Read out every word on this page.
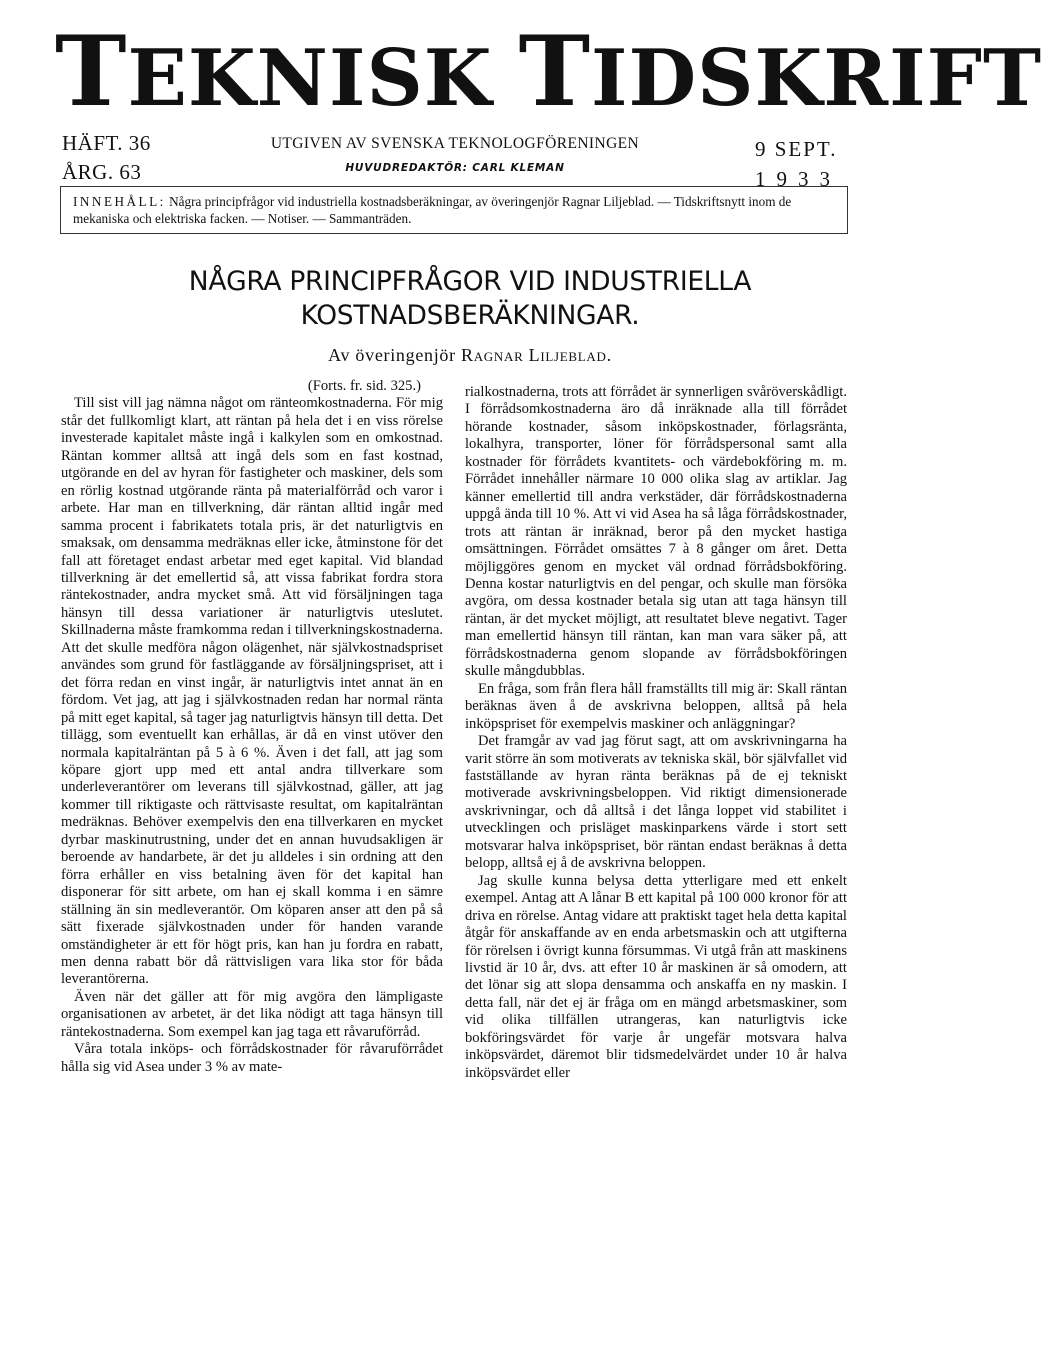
TEKNISK TIDSKRIFT
HÄFT. 36
ÅRG. 63
UTGIVEN AV SVENSKA TEKNOLOGFÖRENINGEN
HUVUDREDAKTÖR: CARL KLEMAN
9 SEPT.
1933
INNEHÅLL: Några principfrågor vid industriella kostnadsberäkningar, av överingenjör Ragnar Liljeblad. — Tidskriftsnytt inom de mekaniska och elektriska facken. — Notiser. — Sammanträden.
NÅGRA PRINCIPFRÅGOR VID INDUSTRIELLA KOSTNADSBERÄKNINGAR.
Av överingenjör Ragnar Liljeblad.

(Forts. fr. sid. 325.)

Till sist vill jag nämna något om ränteomkostnaderna. För mig står det fullkomligt klart, att räntan på hela det i en viss rörelse investerade kapitalet måste ingå i kalkylen som en omkostnad. Räntan kommer alltså att ingå dels som en fast kostnad, utgörande en del av hyran för fastigheter och maskiner, dels som en rörlig kostnad utgörande ränta på materialförråd och varor i arbete. Har man en tillverkning, där räntan alltid ingår med samma procent i fabrikatets totala pris, är det naturligtvis en smaksak, om densamma medräknas eller icke, åtminstone för det fall att företaget endast arbetar med eget kapital. Vid blandad tillverkning är det emellertid så, att vissa fabrikat fordra stora räntekostnader, andra mycket små. Att vid försäljningen taga hänsyn till dessa variationer är naturligtvis uteslutet. Skillnaderna måste framkomma redan i tillverkningskostnaderna. Att det skulle medföra någon olägenhet, när självkostnadspriset användes som grund för fastläggande av försäljningspriset, att i det förra redan en vinst ingår, är naturligtvis intet annat än en fördom. Vet jag, att jag i självkostnaden redan har normal ränta på mitt eget kapital, så tager jag naturligtvis hänsyn till detta. Det tillägg, som eventuellt kan erhållas, är då en vinst utöver den normala kapitalräntan på 5 à 6 %. Även i det fall, att jag som köpare gjort upp med ett antal andra tillverkare som underleverantörer om leverans till självkostnad, gäller, att jag kommer till riktigaste och rättvisaste resultat, om kapitalräntan medräknas. Behöver exempelvis den ena tillverkaren en mycket dyrbar maskinutrustning, under det en annan huvudsakligen är beroende av handarbete, är det ju alldeles i sin ordning att den förra erhåller en viss betalning även för det kapital han disponerar för sitt arbete, om han ej skall komma i en sämre ställning än sin medleverantör. Om köparen anser att den på så sätt fixerade självkostnaden under för handen varande omständigheter är ett för högt pris, kan han ju fordra en rabatt, men denna rabatt bör då rättvisligen vara lika stor för båda leverantörerna.

Även när det gäller att för mig avgöra den lämpligaste organisationen av arbetet, är det lika nödigt att taga hänsyn till räntekostnaderna. Som exempel kan jag taga ett råvaruförråd.

Våra totala inköps- och förrådskostnader för råvaruförrådet hålla sig vid Asea under 3 % av mate-

rialkostnaderna, trots att förrådet är synnerligen svåröverskådligt. I förrådsomkostnaderna äro då inräknade alla till förrådet hörande kostnader, såsom inköpskostnader, förlagsränta, lokalhyra, transporter, löner för förrådspersonal samt alla kostnader för förrådets kvantitets- och värdebokföring m. m. Förrådet innehåller närmare 10 000 olika slag av artiklar. Jag känner emellertid till andra verkstäder, där förrådskostnaderna uppgå ända till 10 %. Att vi vid Asea ha så låga förrådskostnader, trots att räntan är inräknad, beror på den mycket hastiga omsättningen. Förrådet omsättes 7 à 8 gånger om året. Detta möjliggöres genom en mycket väl ordnad förrådsbokföring. Denna kostar naturligtvis en del pengar, och skulle man försöka avgöra, om dessa kostnader betala sig utan att taga hänsyn till räntan, är det mycket möjligt, att resultatet bleve negativt. Tager man emellertid hänsyn till räntan, kan man vara säker på, att förrådskostnaderna genom slopande av förrådsbokföringen skulle mångdubblas.

En fråga, som från flera håll framställts till mig är: Skall räntan beräknas även å de avskrivna beloppen, alltså på hela inköpspriset för exempelvis maskiner och anläggningar?

Det framgår av vad jag förut sagt, att om avskrivningarna ha varit större än som motiverats av tekniska skäl, bör självfallet vid fastställande av hyran ränta beräknas på de ej tekniskt motiverade avskrivningsbeloppen. Vid riktigt dimensionerade avskrivningar, och då alltså i det långa loppet vid stabilitet i utvecklingen och prisläget maskinparkens värde i stort sett motsvarar halva inköpspriset, bör räntan endast beräknas å detta belopp, alltså ej å de avskrivna beloppen.

Jag skulle kunna belysa detta ytterligare med ett enkelt exempel. Antag att A lånar B ett kapital på 100 000 kronor för att driva en rörelse. Antag vidare att praktiskt taget hela detta kapital åtgår för anskaffande av en enda arbetsmaskin och att utgifterna för rörelsen i övrigt kunna försummas. Vi utgå från att maskinens livstid är 10 år, dvs. att efter 10 år maskinen är så omodern, att det lönar sig att slopa densamma och anskaffa en ny maskin. I detta fall, när det ej är fråga om en mängd arbetsmaskiner, som vid olika tillfällen utrangeras, kan naturligtvis icke bokföringsvärdet för varje år ungefär motsvara halva inköpsvärdet, däremot blir tidsmedelvärdet under 10 år halva inköpsvärdet eller
